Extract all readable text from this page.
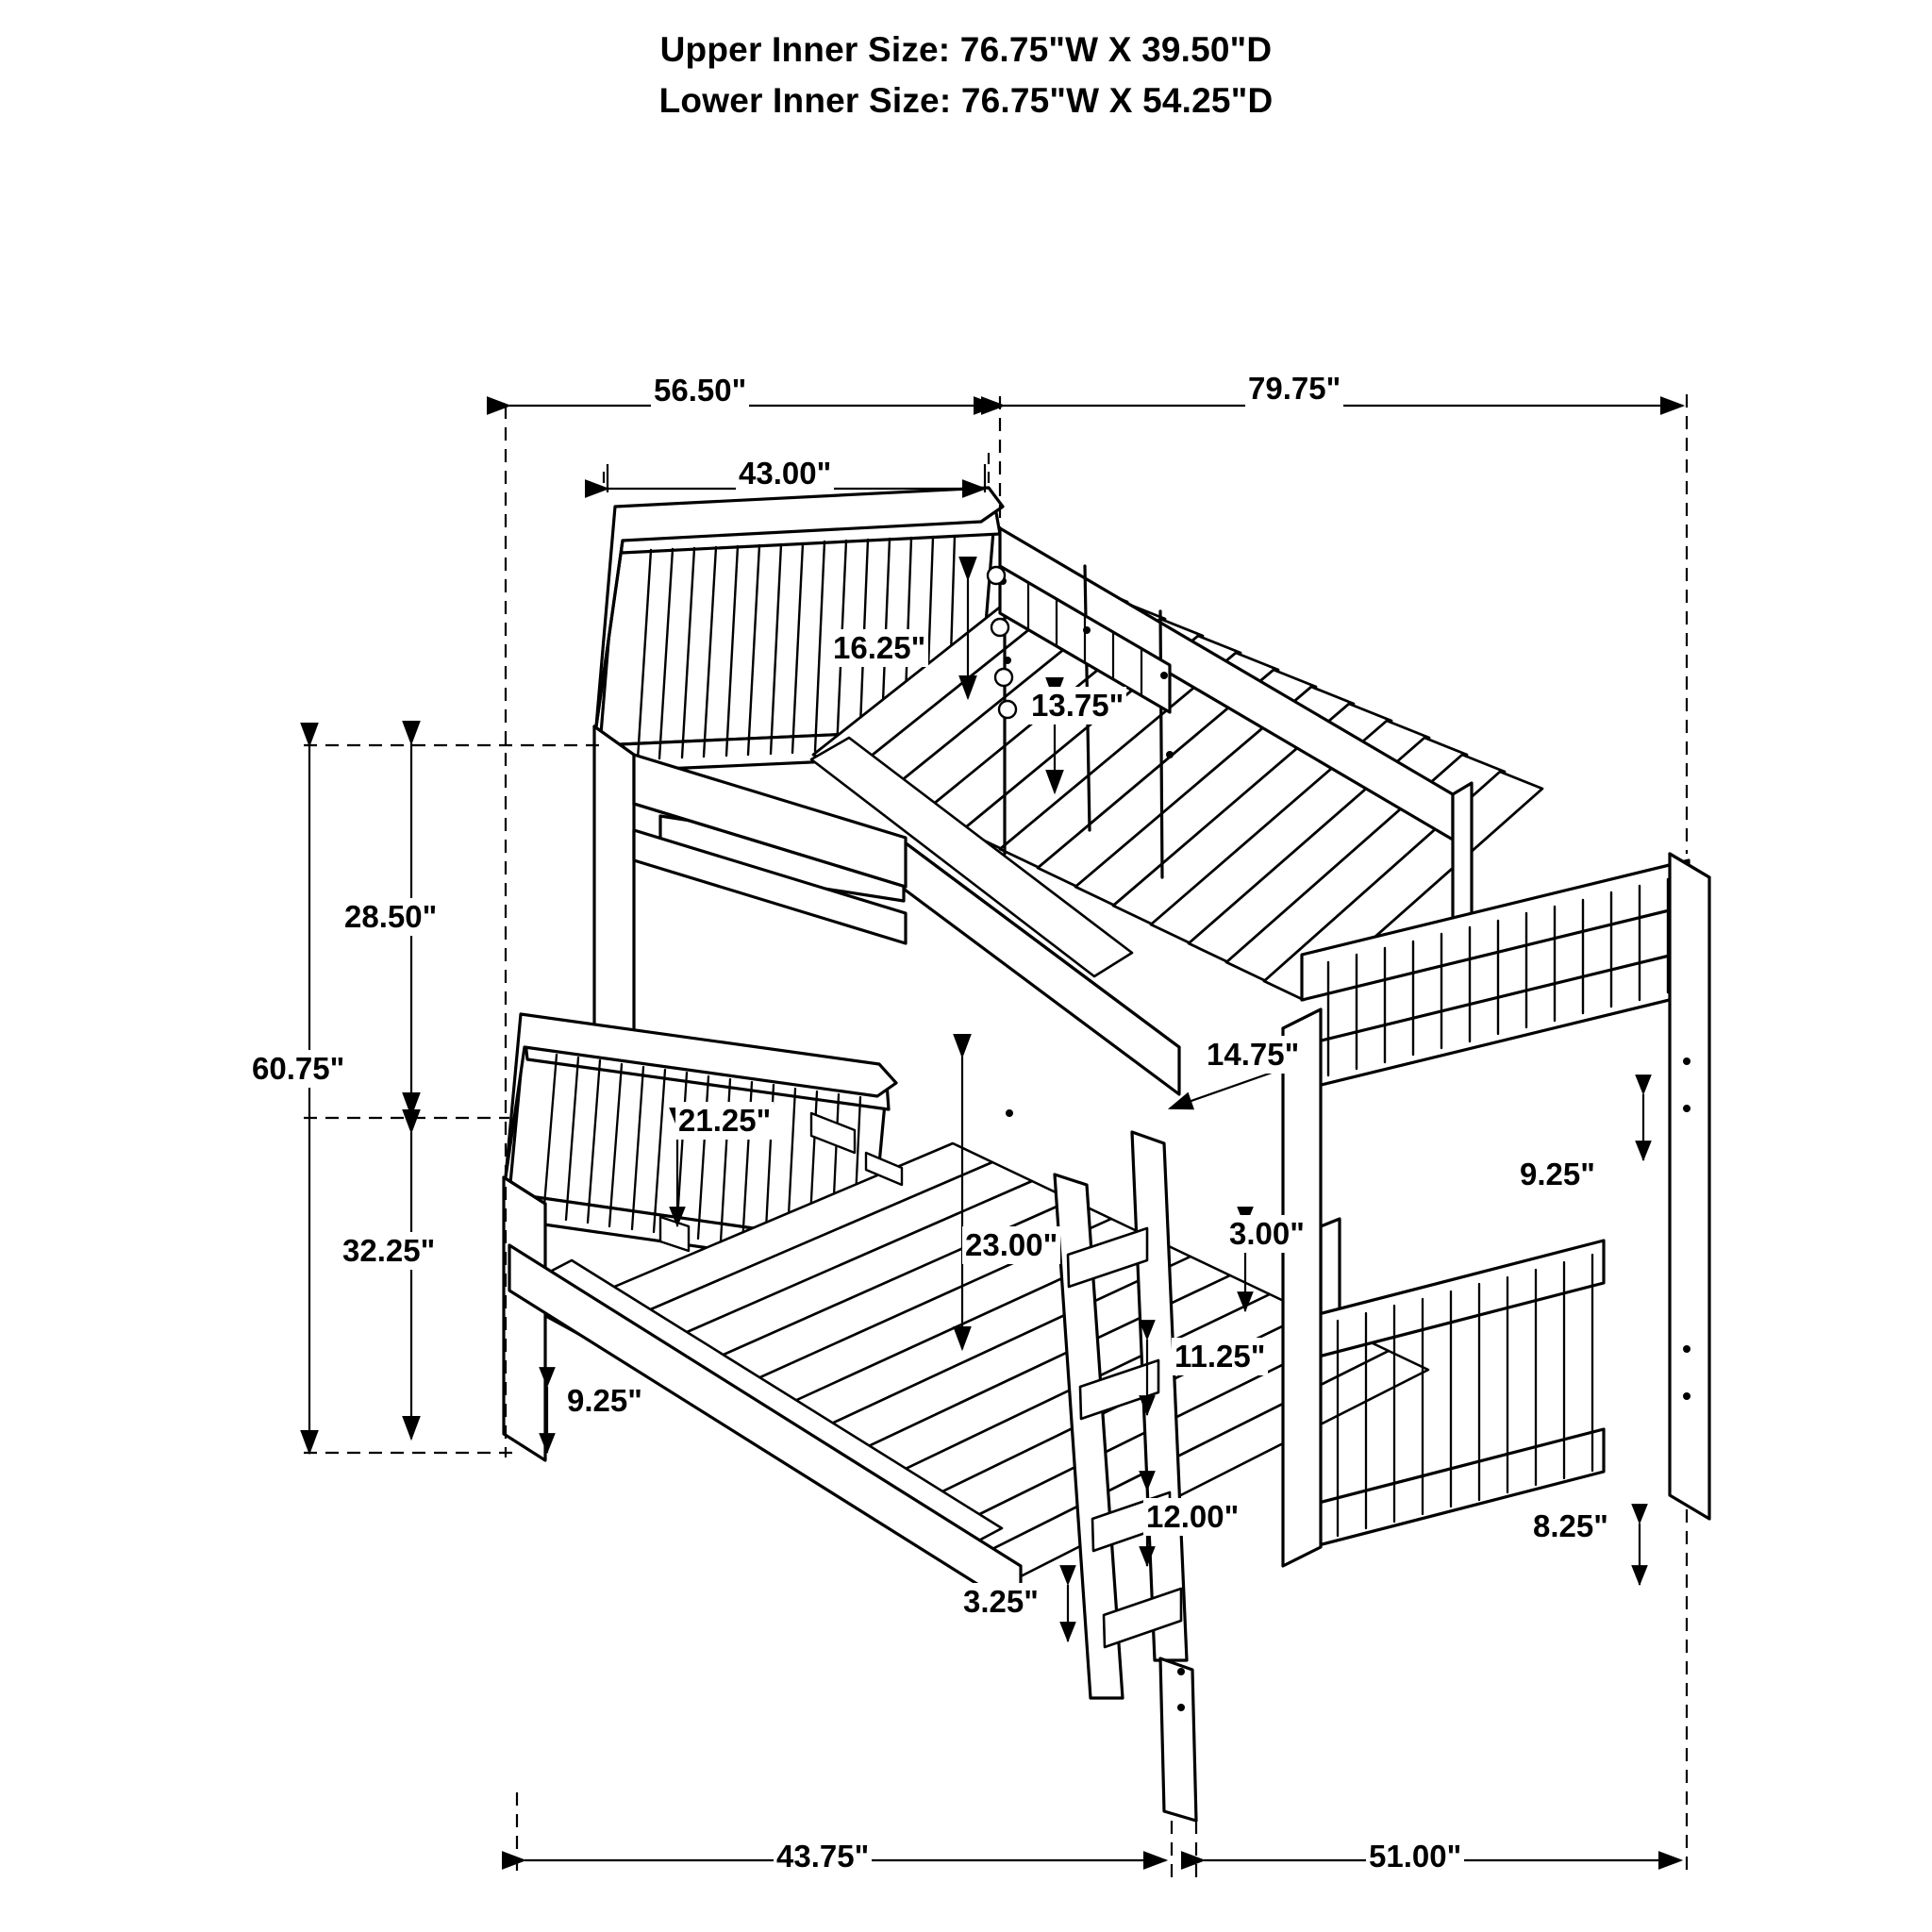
Upper Inner Size: 76.75"W X 39.50"D
Lower Inner Size: 76.75"W X 54.25"D
56.50"	79.75"
43.00"
16.25"
13.75"
28.50"
60.75"
32.25"
21.25"
14.75"
9.25"
23.00"	3.00"
11.25"
12.00"
3.25"
8.25"
9.25"
43.75"	51.00"
